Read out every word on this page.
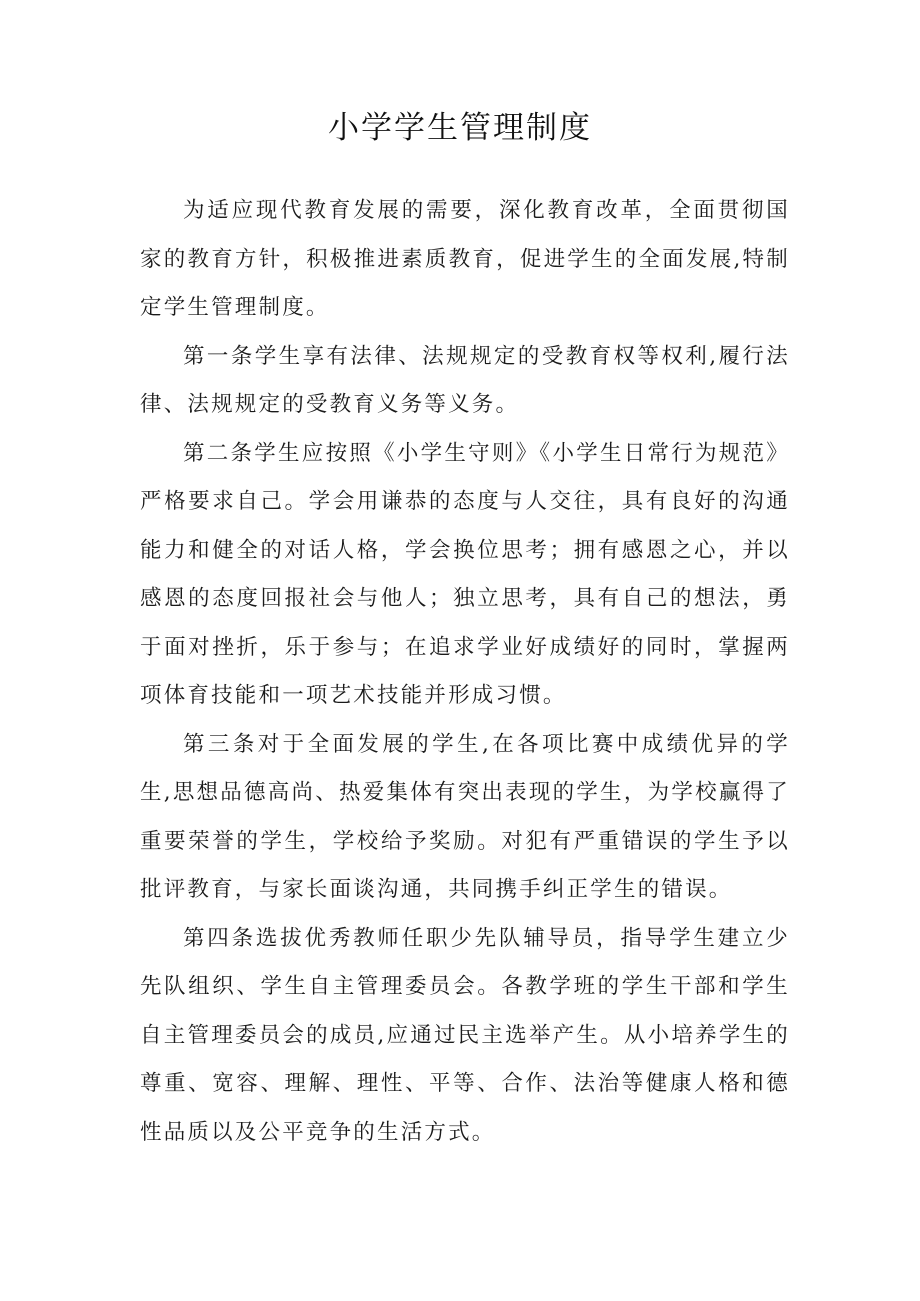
小学学生管理制度

为适应现代教育发展的需要，深化教育改革，全面贯彻国家的教育方针，积极推进素质教育，促进学生的全面发展,特制定学生管理制度。

第一条学生享有法律、法规规定的受教育权等权利,履行法律、法规规定的受教育义务等义务。

第二条学生应按照《小学生守则》《小学生日常行为规范》严格要求自己。学会用谦恭的态度与人交往，具有良好的沟通能力和健全的对话人格，学会换位思考；拥有感恩之心，并以感恩的态度回报社会与他人；独立思考，具有自己的想法，勇于面对挫折，乐于参与；在追求学业好成绩好的同时，掌握两项体育技能和一项艺术技能并形成习惯。

第三条对于全面发展的学生,在各项比赛中成绩优异的学生,思想品德高尚、热爱集体有突出表现的学生，为学校赢得了重要荣誉的学生，学校给予奖励。对犯有严重错误的学生予以批评教育，与家长面谈沟通，共同携手纠正学生的错误。

第四条选拔优秀教师任职少先队辅导员，指导学生建立少先队组织、学生自主管理委员会。各教学班的学生干部和学生自主管理委员会的成员,应通过民主选举产生。从小培养学生的尊重、宽容、理解、理性、平等、合作、法治等健康人格和德性品质以及公平竞争的生活方式。
